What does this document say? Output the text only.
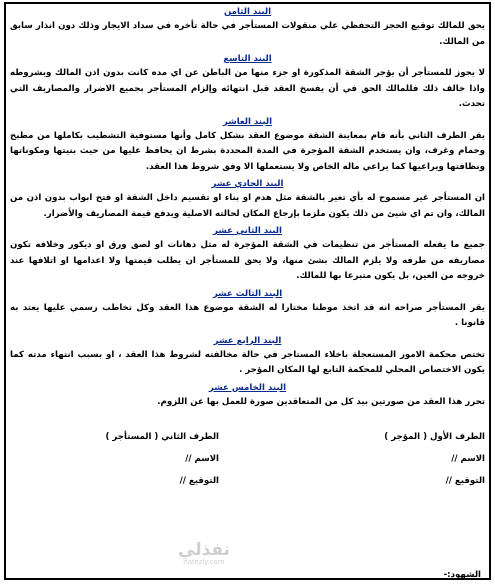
البند الثامن

يحق للمالك توقيع الحجز التحفظي علي منقولات المستأجر في حالة تأخره في سداد الايجار وذلك دون انذار سابق من المالك.

البند التاسع

لا يجوز للمستأجر أن يؤجر الشقة المذكورة او جزء منها من الباطن عن اي مده كانت بدون اذن المالك وبشروطه واذا خالف ذلك فللمالك الحق في أن يفسخ العقد قبل انتهائه وإلزام المستأجر بجميع الاضرار والمصاريف التي تحدث.

البند العاشر

يقر الطرف الثاني بأنه قام بمعاينة الشقة موضوع العقد بشكل كامل وأنها مستوفية التشطيب بكاملها من مطبخ وحمام وغرف، وان يستخدم الشقة المؤجرة في المدة المحددة بشرط ان يحافظ عليها من حيث بنيتها ومكوناتها ونظافتها ويراعيها كما يراعي ماله الخاص ولا يستعملها الا وفق شروط هذا العقد.

البند الحادي عشر

ان المستأجر غير مسموح له بأي تغير بالشقة مثل هدم او بناء او تقسيم داخل الشقة او فتح ابواب بدون اذن من المالك، وان تم اي شيئ من ذلك يكون ملزما بإرجاع المكان لحالته الاصلية ويدفع قيمة المصاريف والأضرار.

البند الثاني عشر

جميع ما يفعله المستأجر من تنظيمات في الشقة المؤجرة له مثل دهانات او لصق ورق او ديكور وخلافه تكون مصاريفه من طرفه ولا يلزم المالك بشئ منها، ولا يحق للمستأجر ان يطلب قيمتها ولا اعدامها او اتلافها عند خروجه من العين، بل يكون متبرعا بها للمالك.

البند الثالث عشر

يقر المستأجر صراحه انه قد اتخذ موطنا مختارا له الشقة موضوع هذا العقد وكل تخاطب رسمي عليها يعتد به قانونا .

البند الرابع عشر

تختص محكمة الامور المستعجلة باخلاء المستاجر في حالة مخالفته لشروط هذا العقد ، او بسبب انتهاء مدته كما يكون الاختصاص المحلي للمحكمة التابع لها المكان المؤجر .

البند الخامس عشر

تحرر هذا العقد من صورتين بيد كل من المتعاقدين صورة للعمل بها عن اللزوم.

الطرف الأول ( المؤجر )	الطرف الثاني ( المستأجر )
الاسم //	الاسم //
التوقيع //	التوقيع //
نفذلي
nafezly.com
الشهود:-
